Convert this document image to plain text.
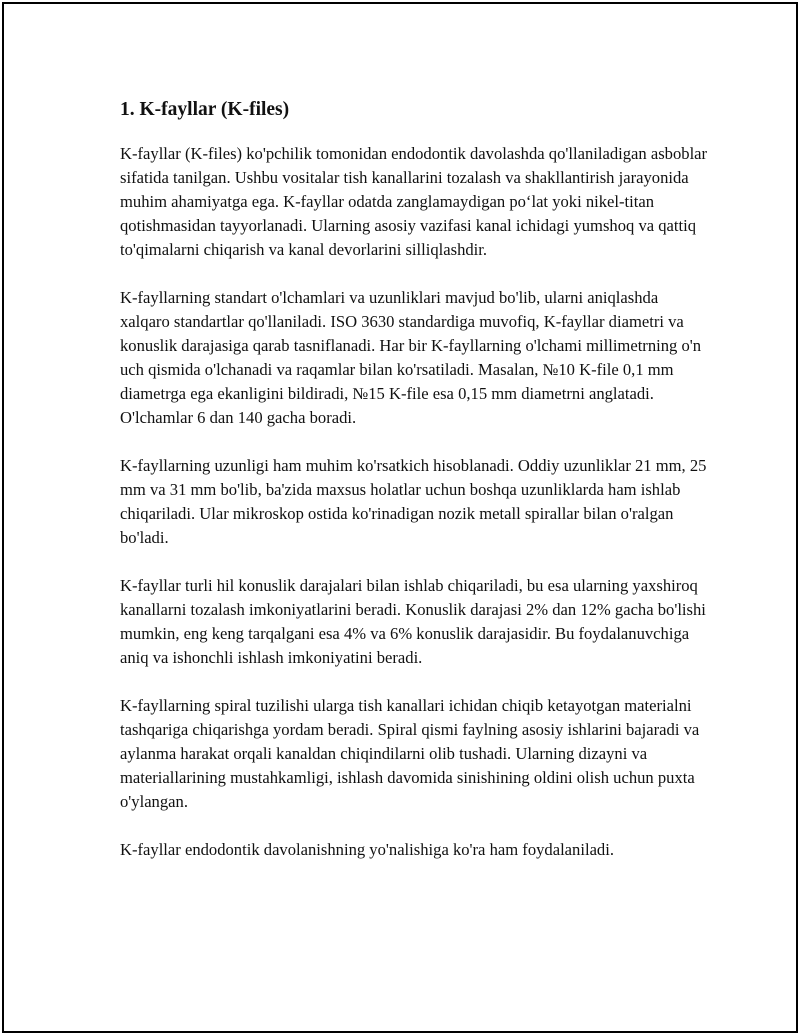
1. K-fayllar (K-files)

K-fayllar (K-files) ko'pchilik tomonidan endodontik davolashda qo'llaniladigan asboblar sifatida tanilgan. Ushbu vositalar tish kanallarini tozalash va shakllantirish jarayonida muhim ahamiyatga ega. K-fayllar odatda zanglamaydigan po‘lat yoki nikel-titan qotishmasidan tayyorlanadi. Ularning asosiy vazifasi kanal ichidagi yumshoq va qattiq to'qimalarni chiqarish va kanal devorlarini silliqlashdir.

K-fayllarning standart o'lchamlari va uzunliklari mavjud bo'lib, ularni aniqlashda xalqaro standartlar qo'llaniladi. ISO 3630 standardiga muvofiq, K-fayllar diametri va konuslik darajasiga qarab tasniflanadi. Har bir K-fayllarning o'lchami millimetrning o'n uch qismida o'lchanadi va raqamlar bilan ko'rsatiladi. Masalan, №10 K-file 0,1 mm diametrga ega ekanligini bildiradi, №15 K-file esa 0,15 mm diametrni anglatadi. O'lchamlar 6 dan 140 gacha boradi.

K-fayllarning uzunligi ham muhim ko'rsatkich hisoblanadi. Oddiy uzunliklar 21 mm, 25 mm va 31 mm bo'lib, ba'zida maxsus holatlar uchun boshqa uzunliklarda ham ishlab chiqariladi. Ular mikroskop ostida ko'rinadigan nozik metall spirallar bilan o'ralgan bo'ladi.

K-fayllar turli hil konuslik darajalari bilan ishlab chiqariladi, bu esa ularning yaxshiroq kanallarni tozalash imkoniyatlarini beradi. Konuslik darajasi 2% dan 12% gacha bo'lishi mumkin, eng keng tarqalgani esa 4% va 6% konuslik darajasidir. Bu foydalanuvchiga aniq va ishonchli ishlash imkoniyatini beradi.

K-fayllarning spiral tuzilishi ularga tish kanallari ichidan chiqib ketayotgan materialni tashqariga chiqarishga yordam beradi. Spiral qismi faylning asosiy ishlarini bajaradi va aylanma harakat orqali kanaldan chiqindilarni olib tushadi. Ularning dizayni va materiallarining mustahkamligi, ishlash davomida sinishining oldini olish uchun puxta o'ylangan.

K-fayllar endodontik davolanishning yo'nalishiga ko'ra ham foydalaniladi.
